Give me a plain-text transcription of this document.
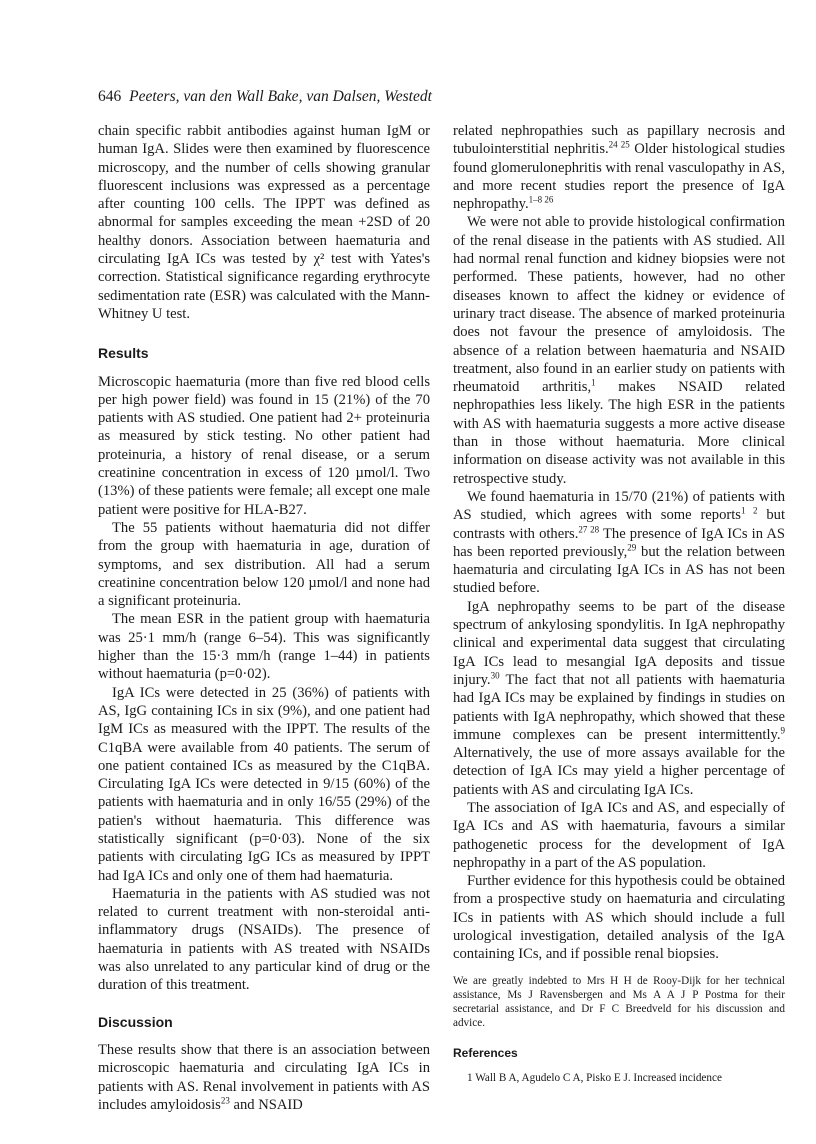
646 Peeters, van den Wall Bake, van Dalsen, Westedt

chain specific rabbit antibodies against human IgM or human IgA. Slides were then examined by fluorescence microscopy, and the number of cells showing granular fluorescent inclusions was expressed as a percentage after counting 100 cells. The IPPT was defined as abnormal for samples exceeding the mean +2SD of 20 healthy donors. Association between haematuria and circulating IgA ICs was tested by χ² test with Yates's correction. Statistical significance regarding erythrocyte sedimentation rate (ESR) was calculated with the Mann-Whitney U test.

Results

Microscopic haematuria (more than five red blood cells per high power field) was found in 15 (21%) of the 70 patients with AS studied. One patient had 2+ proteinuria as measured by stick testing. No other patient had proteinuria, a history of renal disease, or a serum creatinine concentration in excess of 120 µmol/l. Two (13%) of these patients were female; all except one male patient were positive for HLA-B27.

The 55 patients without haematuria did not differ from the group with haematuria in age, duration of symptoms, and sex distribution. All had a serum creatinine concentration below 120 µmol/l and none had a significant proteinuria.

The mean ESR in the patient group with haematuria was 25·1 mm/h (range 6–54). This was significantly higher than the 15·3 mm/h (range 1–44) in patients without haematuria (p=0·02).

IgA ICs were detected in 25 (36%) of patients with AS, IgG containing ICs in six (9%), and one patient had IgM ICs as measured with the IPPT. The results of the C1qBA were available from 40 patients. The serum of one patient contained ICs as measured by the C1qBA. Circulating IgA ICs were detected in 9/15 (60%) of the patients with haematuria and in only 16/55 (29%) of the patien's without haematuria. This difference was statistically significant (p=0·03). None of the six patients with circulating IgG ICs as measured by IPPT had IgA ICs and only one of them had haematuria.

Haematuria in the patients with AS studied was not related to current treatment with non-steroidal anti-inflammatory drugs (NSAIDs). The presence of haematuria in patients with AS treated with NSAIDs was also unrelated to any particular kind of drug or the duration of this treatment.

Discussion

These results show that there is an association between microscopic haematuria and circulating IgA ICs in patients with AS. Renal involvement in patients with AS includes amyloidosis$^{23}$ and NSAID

related nephropathies such as papillary necrosis and tubulointerstitial nephritis.$^{24 25}$ Older histological studies found glomerulonephritis with renal vasculopathy in AS, and more recent studies report the presence of IgA nephropathy.$^{1-8 26}$

We were not able to provide histological confirmation of the renal disease in the patients with AS studied. All had normal renal function and kidney biopsies were not performed. These patients, however, had no other diseases known to affect the kidney or evidence of urinary tract disease. The absence of marked proteinuria does not favour the presence of amyloidosis. The absence of a relation between haematuria and NSAID treatment, also found in an earlier study on patients with rheumatoid arthritis,$^1$ makes NSAID related nephropathies less likely. The high ESR in the patients with AS with haematuria suggests a more active disease than in those without haematuria. More clinical information on disease activity was not available in this retrospective study.

We found haematuria in 15/70 (21%) of patients with AS studied, which agrees with some reports$^{1 2}$ but contrasts with others.$^{27 28}$ The presence of IgA ICs in AS has been reported previously,$^{29}$ but the relation between haematuria and circulating IgA ICs in AS has not been studied before.

IgA nephropathy seems to be part of the disease spectrum of ankylosing spondylitis. In IgA nephropathy clinical and experimental data suggest that circulating IgA ICs lead to mesangial IgA deposits and tissue injury.$^{30}$ The fact that not all patients with haematuria had IgA ICs may be explained by findings in studies on patients with IgA nephropathy, which showed that these immune complexes can be present intermittently.$^9$ Alternatively, the use of more assays available for the detection of IgA ICs may yield a higher percentage of patients with AS and circulating IgA ICs.

The association of IgA ICs and AS, and especially of IgA ICs and AS with haematuria, favours a similar pathogenetic process for the development of IgA nephropathy in a part of the AS population.

Further evidence for this hypothesis could be obtained from a prospective study on haematuria and circulating ICs in patients with AS which should include a full urological investigation, detailed analysis of the IgA containing ICs, and if possible renal biopsies.

We are greatly indebted to Mrs H H de Rooy-Dijk for her technical assistance, Ms J Ravensbergen and Ms A A J P Postma for their secretarial assistance, and Dr F C Breedveld for his discussion and advice.

References

1 Wall B A, Agudelo C A, Pisko E J. Increased incidence
